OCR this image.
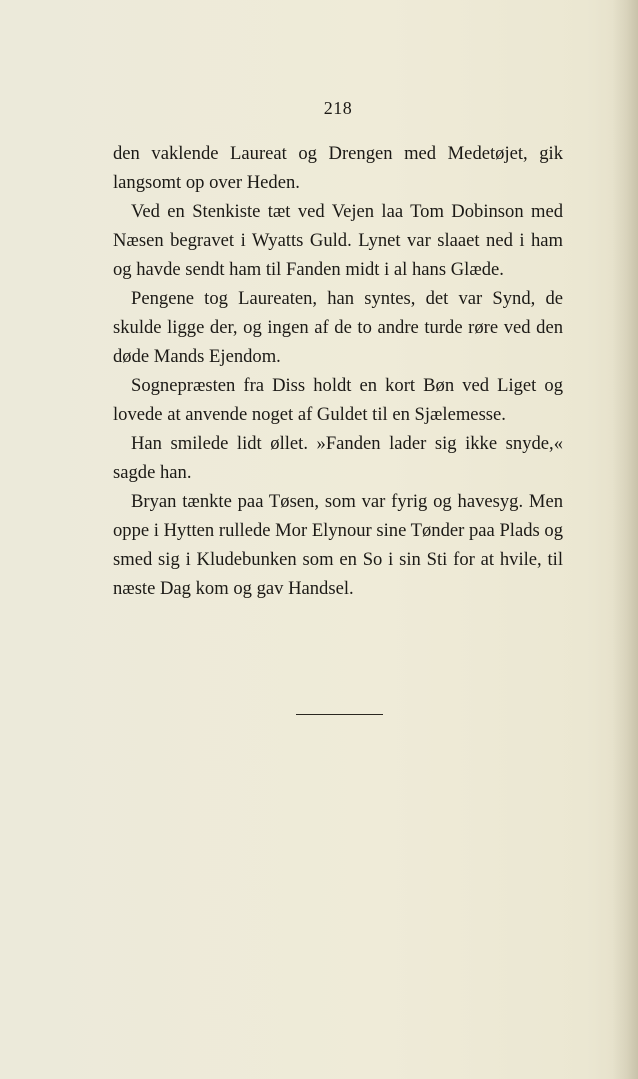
218

den vaklende Laureat og Drengen med Medetøjet, gik langsomt op over Heden.

Ved en Stenkiste tæt ved Vejen laa Tom Dobinson med Næsen begravet i Wyatts Guld. Lynet var slaaet ned i ham og havde sendt ham til Fanden midt i al hans Glæde.

Pengene tog Laureaten, han syntes, det var Synd, de skulde ligge der, og ingen af de to andre turde røre ved den døde Mands Ejendom.

Sognepræsten fra Diss holdt en kort Bøn ved Liget og lovede at anvende noget af Guldet til en Sjælemesse.

Han smilede lidt øllet. »Fanden lader sig ikke snyde,« sagde han.

Bryan tænkte paa Tøsen, som var fyrig og havesyg. Men oppe i Hytten rullede Mor Elynour sine Tønder paa Plads og smed sig i Kludebunken som en So i sin Sti for at hvile, til næste Dag kom og gav Handsel.
